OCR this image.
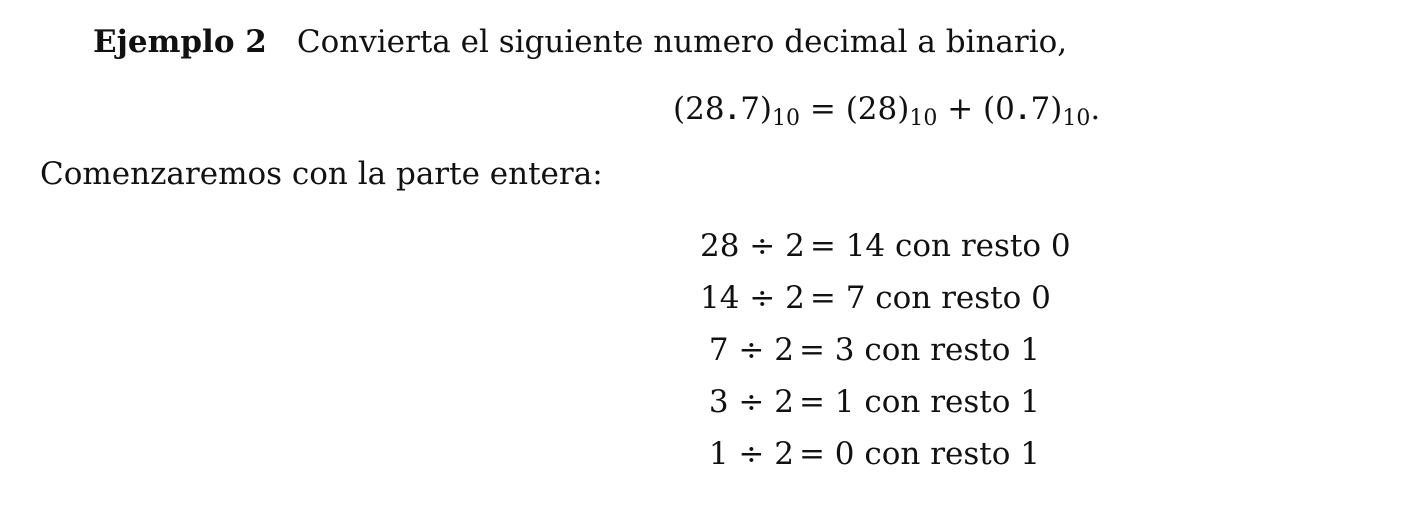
Ejemplo 2 Convierta el siguiente numero decimal a binario,
$(28.7)_{10} = (28)_{10} + (0.7)_{10}$.
Comenzaremos con la parte entera:
28 ÷ 2 = 14 con resto 0
14 ÷ 2 = 7 con resto 0
7 ÷ 2 = 3 con resto 1
3 ÷ 2 = 1 con resto 1
1 ÷ 2 = 0 con resto 1
